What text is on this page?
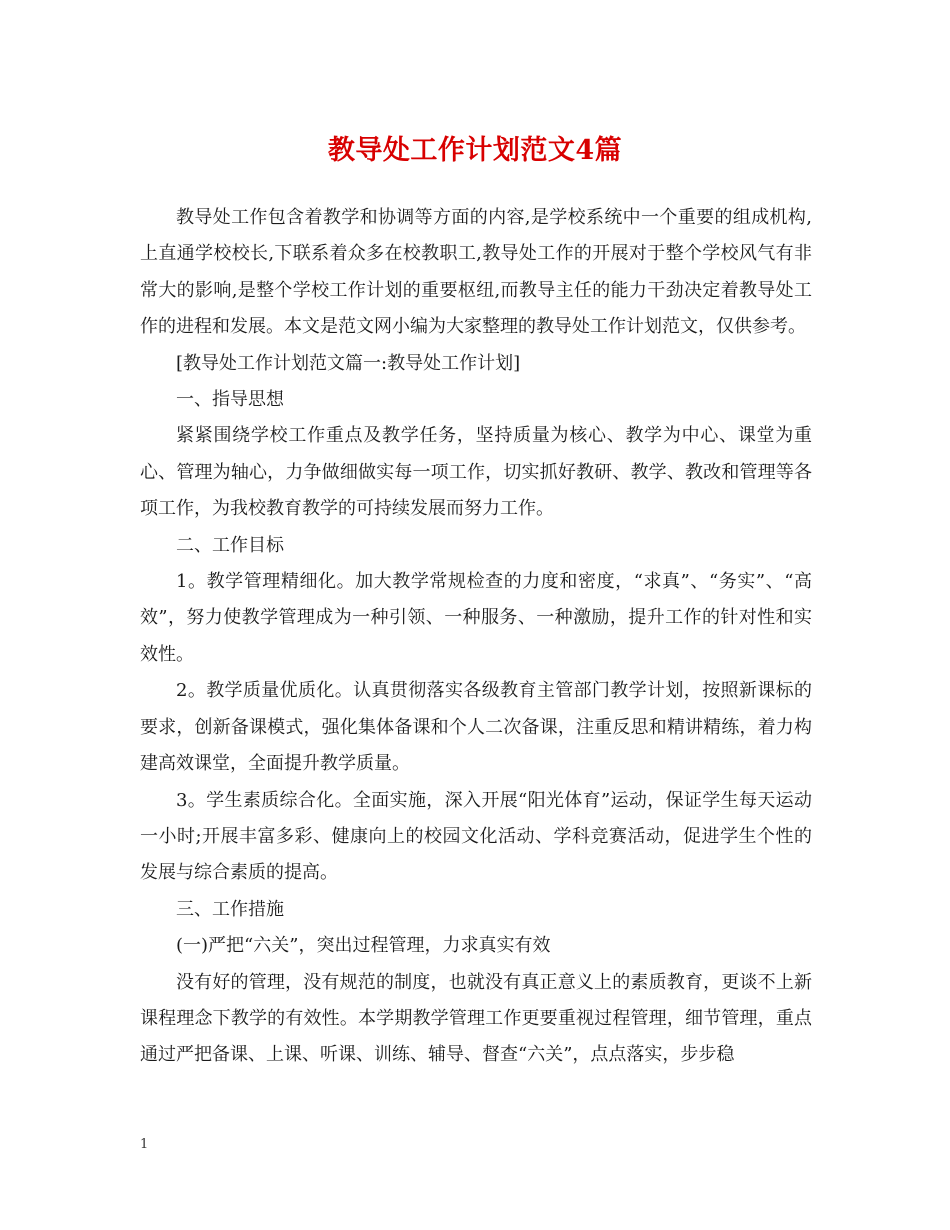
教导处工作计划范文4篇

教导处工作包含着教学和协调等方面的内容,是学校系统中一个重要的组成机构,上直通学校校长,下联系着众多在校教职工,教导处工作的开展对于整个学校风气有非常大的影响,是整个学校工作计划的重要枢纽,而教导主任的能力干劲决定着教导处工作的进程和发展。本文是范文网小编为大家整理的教导处工作计划范文，仅供参考。

[教导处工作计划范文篇一:教导处工作计划]

一、指导思想

紧紧围绕学校工作重点及教学任务，坚持质量为核心、教学为中心、课堂为重心、管理为轴心，力争做细做实每一项工作，切实抓好教研、教学、教改和管理等各项工作，为我校教育教学的可持续发展而努力工作。

二、工作目标

1。教学管理精细化。加大教学常规检查的力度和密度，“求真”、“务实”、“高效”，努力使教学管理成为一种引领、一种服务、一种激励，提升工作的针对性和实效性。

2。教学质量优质化。认真贯彻落实各级教育主管部门教学计划，按照新课标的要求，创新备课模式，强化集体备课和个人二次备课，注重反思和精讲精练，着力构建高效课堂，全面提升教学质量。

3。学生素质综合化。全面实施，深入开展“阳光体育”运动，保证学生每天运动一小时;开展丰富多彩、健康向上的校园文化活动、学科竞赛活动，促进学生个性的发展与综合素质的提高。

三、工作措施

(一)严把“六关”，突出过程管理，力求真实有效

没有好的管理，没有规范的制度，也就没有真正意义上的素质教育，更谈不上新课程理念下教学的有效性。本学期教学管理工作更要重视过程管理，细节管理，重点通过严把备课、上课、听课、训练、辅导、督查“六关”，点点落实，步步稳

1
